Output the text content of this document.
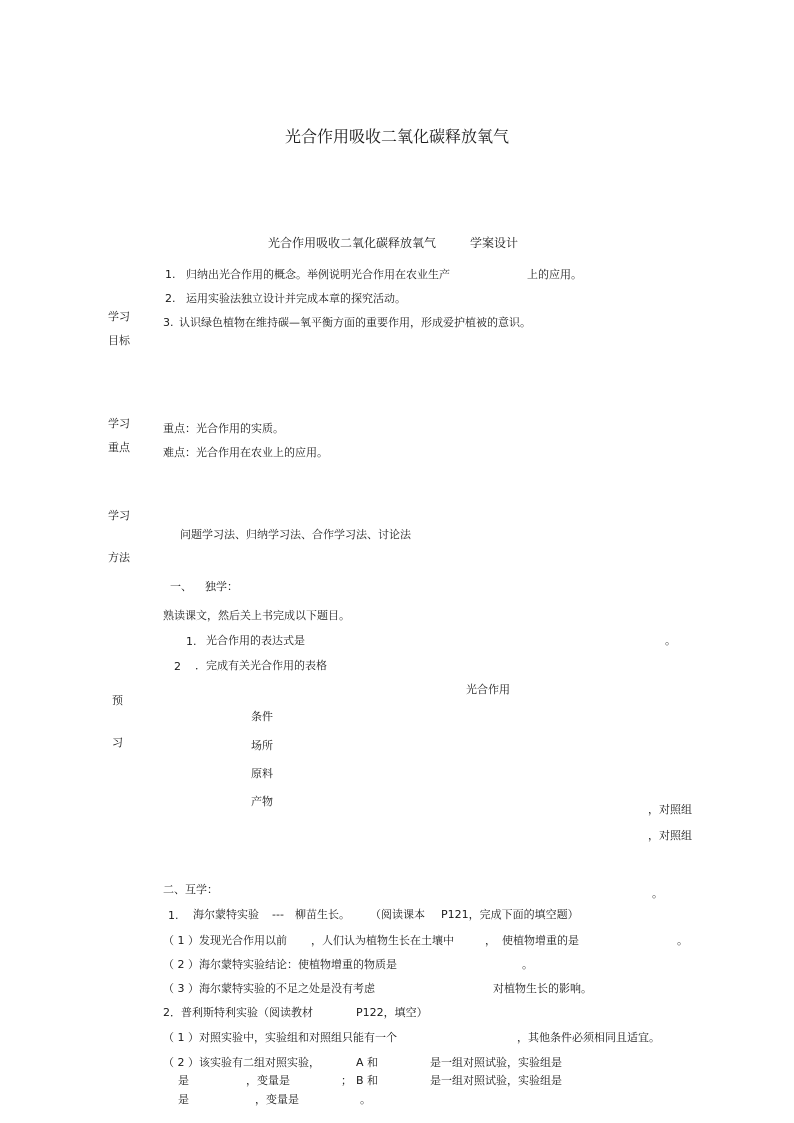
光合作用吸收二氧化碳释放氧气
光合作用吸收二氧化碳释放氧气	学案设计
学习
目标
1. 归纳出光合作用的概念。举例说明光合作用在农业生产	上的应用。
2. 运用实验法独立设计并完成本章的探究活动。
3. 认识绿色植物在维持碳—氧平衡方面的重要作用，形成爱护植被的意识。
学习
重点
重点：光合作用的实质。
难点：光合作用在农业上的应用。
学习
方法
问题学习法、归纳学习法、合作学习法、讨论法
一、 独学：
熟读课文，然后关上书完成以下题目。
1. 光合作用的表达式是	。
2 ．完成有关光合作用的表格
预
习
光合作用
条件
场所
原料
产物
，对照组
，对照组
二、互学：	。
1. 海尔蒙特实验 --- 柳苗生长。 （阅读课本 P121，完成下面的填空题）
（ 1 ）发现光合作用以前 ，人们认为植物生长在土壤中	， 使植物增重的是	。
（ 2 ）海尔蒙特实验结论：使植物增重的物质是	。
（ 3 ）海尔蒙特实验的不足之处是没有考虑	对植物生长的影响。
2．普利斯特利实验（阅读教材	P122，填空）
（ 1 ）对照实验中，实验组和对照组只能有一个	，其他条件必须相同且适宜。
（ 2 ）该实验有二组对照实验，	A 和	是一组对照试验，实验组是
是	，变量是	； B 和	是一组对照试验，实验组是
是	，变量是	。
